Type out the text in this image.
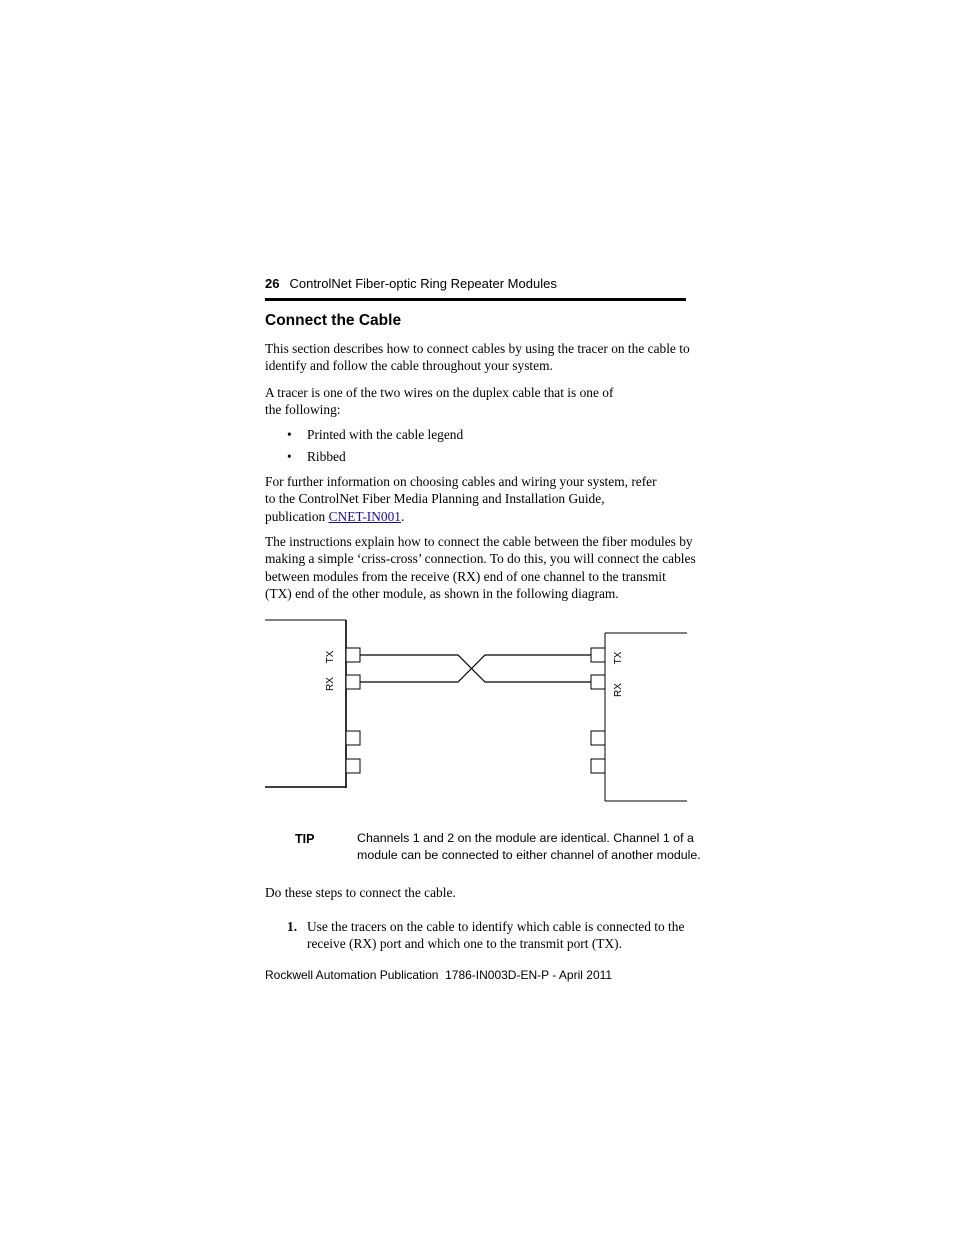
26 ControlNet Fiber-optic Ring Repeater Modules
Connect the Cable
This section describes how to connect cables by using the tracer on the cable to
identify and follow the cable throughout your system.
A tracer is one of the two wires on the duplex cable that is one of
the following:
• Printed with the cable legend
• Ribbed
For further information on choosing cables and wiring your system, refer
to the ControlNet Fiber Media Planning and Installation Guide,
publication CNET-IN001.
The instructions explain how to connect the cable between the fiber modules by
making a simple ‘criss-cross’ connection. To do this, you will connect the cables
between modules from the receive (RX) end of one channel to the transmit
(TX) end of the other module, as shown in the following diagram.
TX
RX
TX
RX
TIP	Channels 1 and 2 on the module are identical. Channel 1 of a
module can be connected to either channel of another module.
Do these steps to connect the cable.
1. Use the tracers on the cable to identify which cable is connected to the
receive (RX) port and which one to the transmit port (TX).
Rockwell Automation Publication  1786-IN003D-EN-P - April 2011
